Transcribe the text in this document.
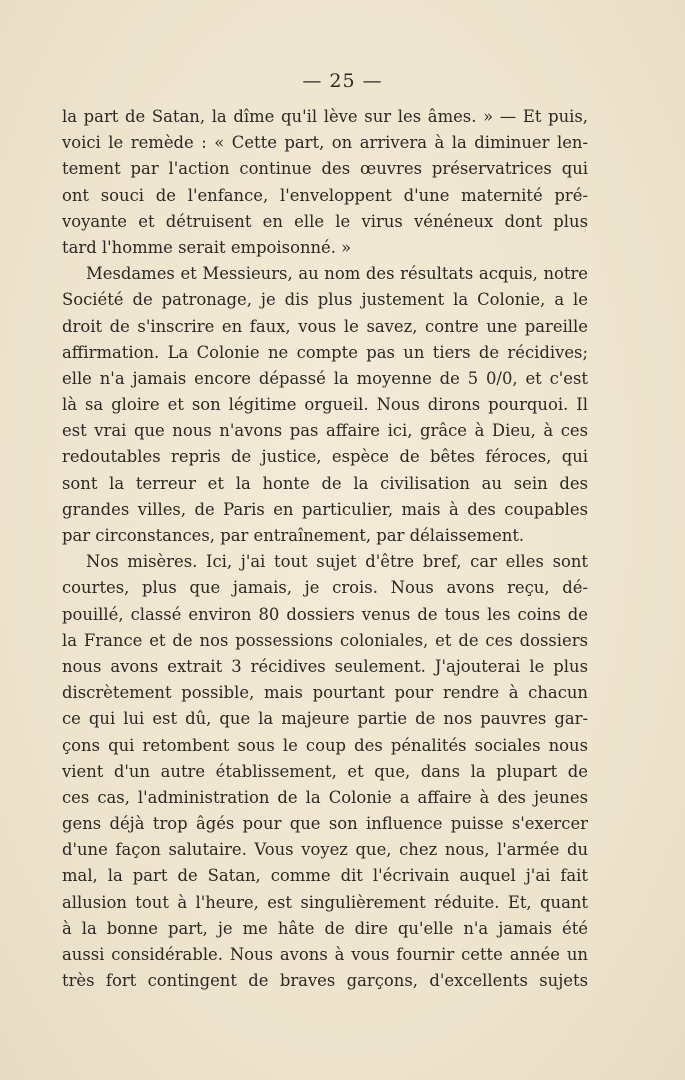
— 25 —
la part de Satan, la dîme qu'il lève sur les âmes. » — Et puis,
voici le remède : « Cette part, on arrivera à la diminuer len-
tement par l'action continue des œuvres préservatrices qui
ont souci de l'enfance, l'enveloppent d'une maternité pré-
voyante et détruisent en elle le virus vénéneux dont plus
tard l'homme serait empoisonné. »
Mesdames et Messieurs, au nom des résultats acquis, notre
Société de patronage, je dis plus justement la Colonie, a le
droit de s'inscrire en faux, vous le savez, contre une pareille
affirmation. La Colonie ne compte pas un tiers de récidives;
elle n'a jamais encore dépassé la moyenne de 5 0/0, et c'est
là sa gloire et son légitime orgueil. Nous dirons pourquoi. Il
est vrai que nous n'avons pas affaire ici, grâce à Dieu, à ces
redoutables repris de justice, espèce de bêtes féroces, qui
sont la terreur et la honte de la civilisation au sein des
grandes villes, de Paris en particulier, mais à des coupables
par circonstances, par entraînement, par délaissement.
Nos misères. Ici, j'ai tout sujet d'être bref, car elles sont
courtes, plus que jamais, je crois. Nous avons reçu, dé-
pouillé, classé environ 80 dossiers venus de tous les coins de
la France et de nos possessions coloniales, et de ces dossiers
nous avons extrait 3 récidives seulement. J'ajouterai le plus
discrètement possible, mais pourtant pour rendre à chacun
ce qui lui est dû, que la majeure partie de nos pauvres gar-
çons qui retombent sous le coup des pénalités sociales nous
vient d'un autre établissement, et que, dans la plupart de
ces cas, l'administration de la Colonie a affaire à des jeunes
gens déjà trop âgés pour que son influence puisse s'exercer
d'une façon salutaire. Vous voyez que, chez nous, l'armée du
mal, la part de Satan, comme dit l'écrivain auquel j'ai fait
allusion tout à l'heure, est singulièrement réduite. Et, quant
à la bonne part, je me hâte de dire qu'elle n'a jamais été
aussi considérable. Nous avons à vous fournir cette année un
très fort contingent de braves garçons, d'excellents sujets
